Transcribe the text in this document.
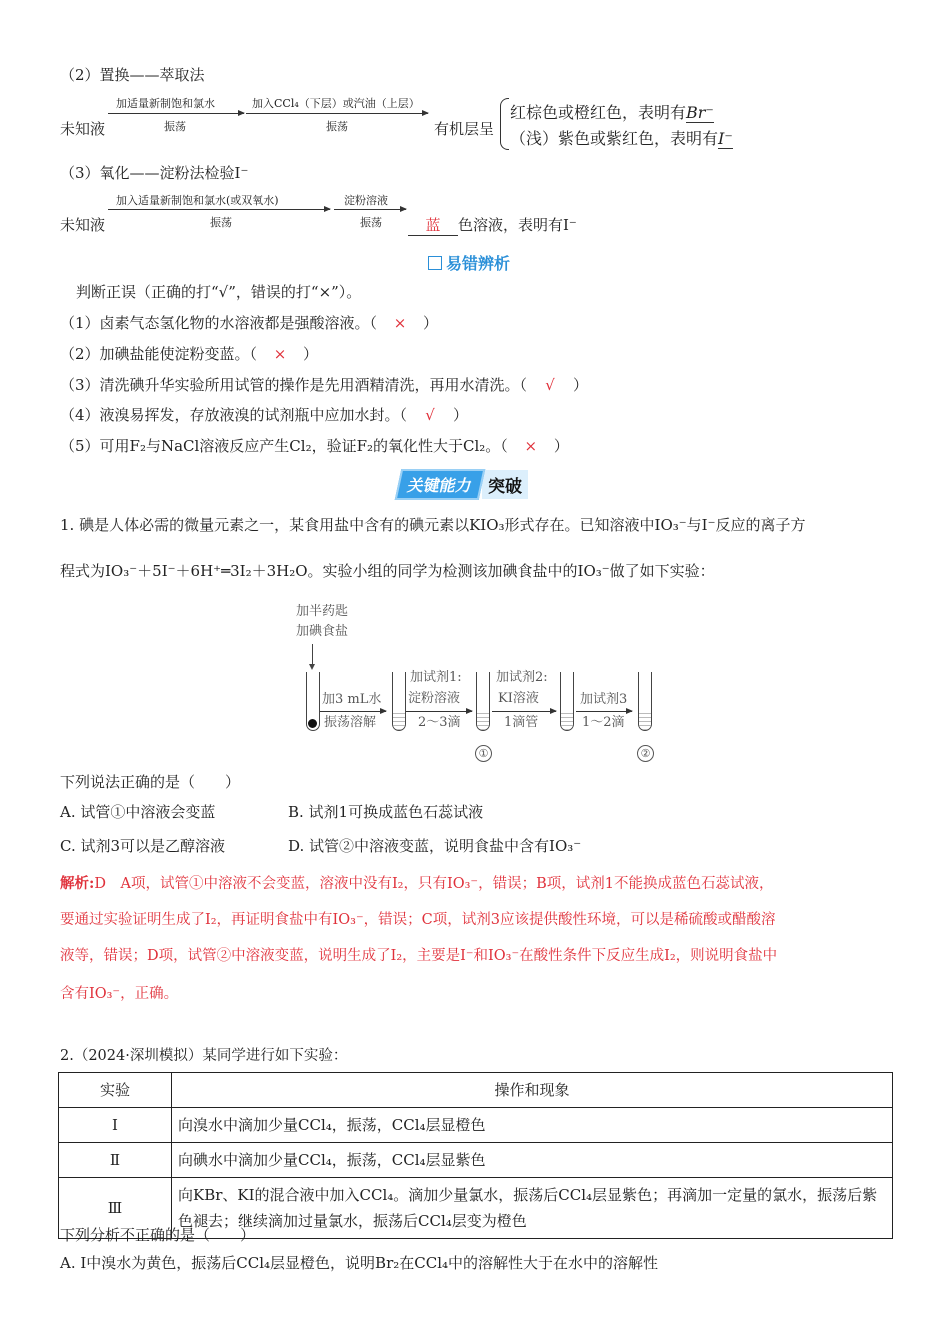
（2）置换——萃取法
未知液
加适量新制饱和氯水
振荡
加入CCl₄（下层）或汽油（上层）
振荡	有机层呈
红棕色或橙红色，表明有Br⁻
（浅）紫色或紫红色，表明有I⁻
（3）氧化——淀粉法检验I⁻
未知液
加入适量新制饱和氯水(或双氧水)
振荡
淀粉溶液
振荡	蓝 色溶液，表明有I⁻
易错辨析
判断正误（正确的打“√”，错误的打“×”）。
（1）卤素气态氢化物的水溶液都是强酸溶液。（ × ）
（2）加碘盐能使淀粉变蓝。（ × ）
（3）清洗碘升华实验所用试管的操作是先用酒精清洗，再用水清洗。（ √ ）
（4）液溴易挥发，存放液溴的试剂瓶中应加水封。（ √ ）
（5）可用F₂与NaCl溶液反应产生Cl₂，验证F₂的氧化性大于Cl₂。（ × ）
关键能力 突破
1. 碘是人体必需的微量元素之一，某食用盐中含有的碘元素以KIO₃形式存在。已知溶液中IO₃⁻与I⁻反应的离子方
程式为IO₃⁻＋5I⁻＋6H⁺═3I₂＋3H₂O。实验小组的同学为检测该加碘食盐中的IO₃⁻做了如下实验：
加半药匙
加碘食盐
加3 mL水
振荡溶解
加试剂1:
淀粉溶液
2～3滴
①
加试剂2:
KI溶液
1滴管
加试剂3
1～2滴
②
下列说法正确的是（　　）
A. 试管①中溶液会变蓝	B. 试剂1可换成蓝色石蕊试液
C. 试剂3可以是乙醇溶液	D. 试管②中溶液变蓝，说明食盐中含有IO₃⁻
解析:D　A项，试管①中溶液不会变蓝，溶液中没有I₂，只有IO₃⁻，错误；B项，试剂1不能换成蓝色石蕊试液，
要通过实验证明生成了I₂，再证明食盐中有IO₃⁻，错误；C项，试剂3应该提供酸性环境，可以是稀硫酸或醋酸溶
液等，错误；D项，试管②中溶液变蓝，说明生成了I₂，主要是I⁻和IO₃⁻在酸性条件下反应生成I₂，则说明食盐中
含有IO₃⁻，正确。
2.（2024·深圳模拟）某同学进行如下实验：
实验	操作和现象
Ⅰ	向溴水中滴加少量CCl₄，振荡，CCl₄层显橙色
Ⅱ	向碘水中滴加少量CCl₄，振荡，CCl₄层显紫色
Ⅲ	向KBr、KI的混合液中加入CCl₄。滴加少量氯水，振荡后CCl₄层显紫色；再滴加一定量的氯水，振荡后紫色褪去；继续滴加过量氯水，振荡后CCl₄层变为橙色
下列分析不正确的是（　　）
A. Ⅰ中溴水为黄色，振荡后CCl₄层显橙色，说明Br₂在CCl₄中的溶解性大于在水中的溶解性
